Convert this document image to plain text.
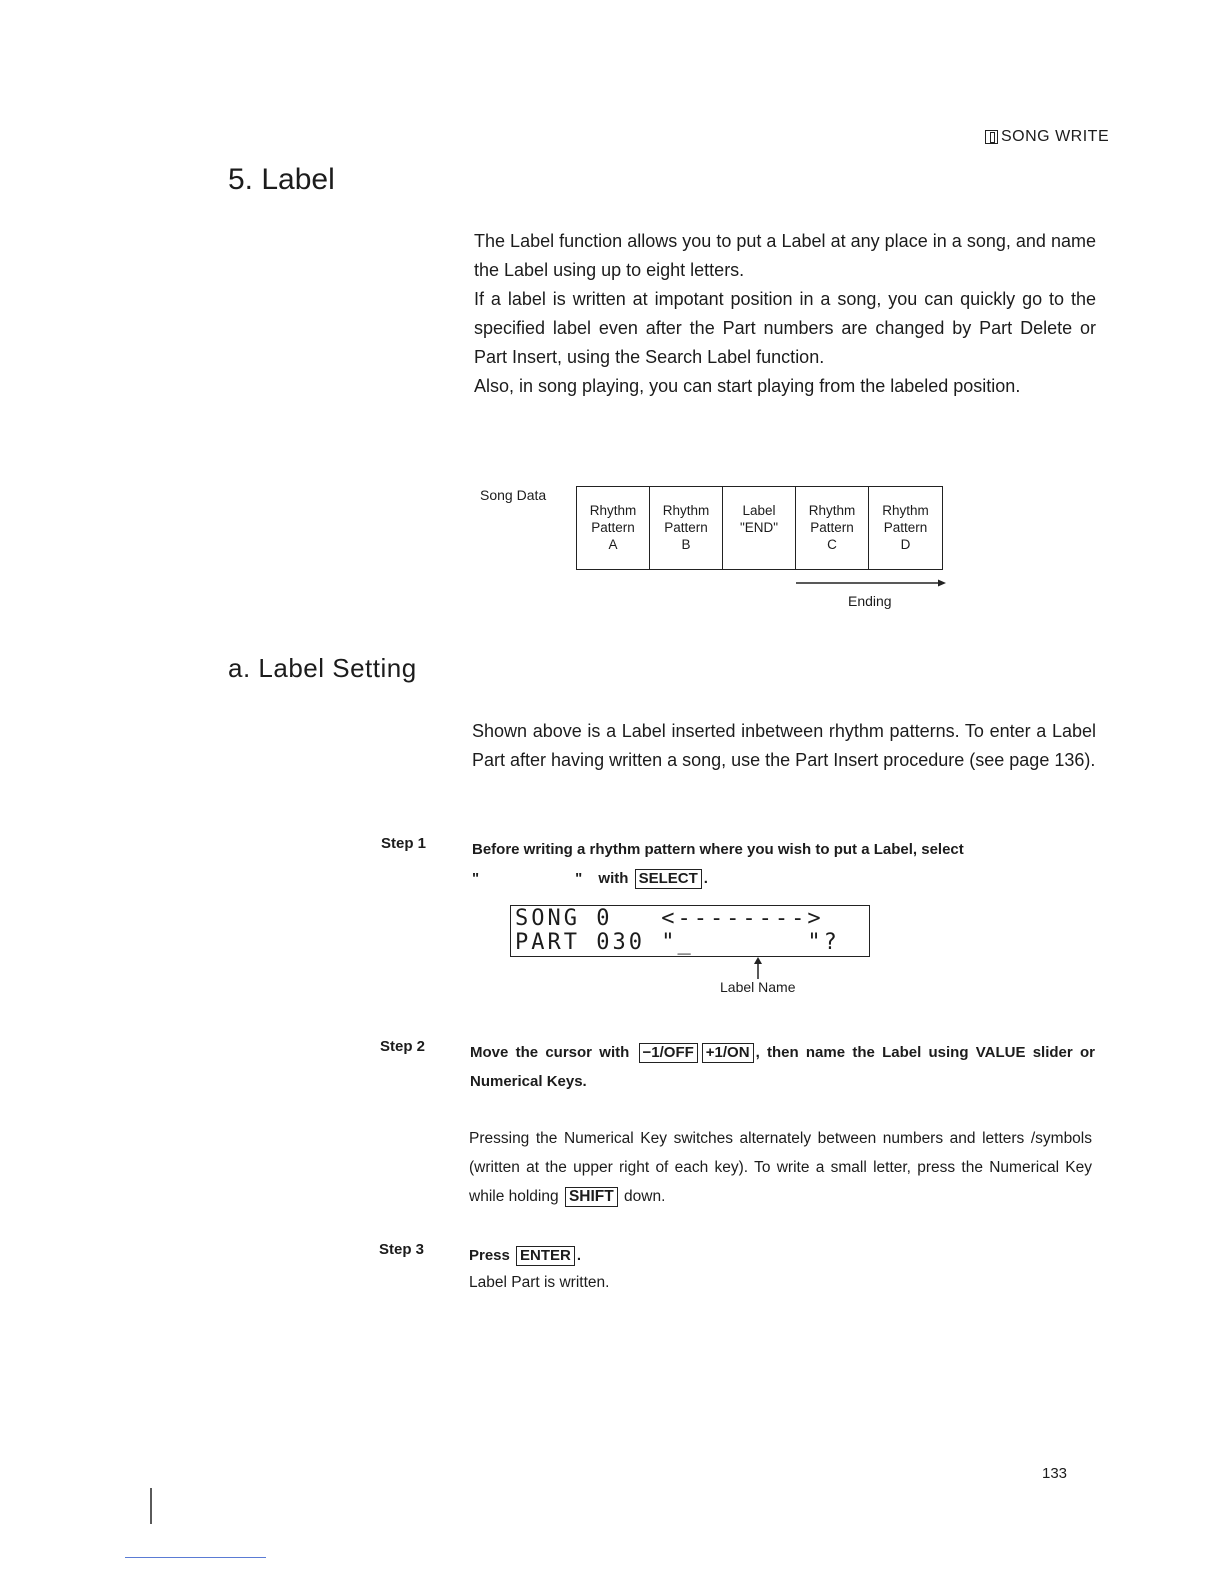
SONG WRITE
5. Label

The Label function allows you to put a Label at any place in a song, and name the Label using up to eight letters.

If a label is written at impotant position in a song, you can quickly go to the specified label even after the Part numbers are changed by Part Delete or Part Insert, using the Search Label function.

Also, in song playing, you can start playing from the labeled position.

Song Data
Rhythm
Pattern
A
Rhythm
Pattern
B
Label
"END"
Rhythm
Pattern
C
Rhythm
Pattern
D
Ending
a. Label Setting
Shown above is a Label inserted inbetween rhythm patterns. To enter a Label Part after having written a song, use the Part Insert procedure (see page 136).
Step 1	Before writing a rhythm pattern where you wish to put a Label, select
"	" with SELECT .
SONG 0   <-------->
PART 030 "_       "?
Label Name
Step 2	Move the cursor with −1/OFF +1/ON , then name the Label using VALUE slider or Numerical Keys.
Pressing the Numerical Key switches alternately between numbers and letters /symbols (written at the upper right of each key). To write a small letter, press the Numerical Key while holding SHIFT down.
Step 3	Press ENTER .
Label Part is written.
133
